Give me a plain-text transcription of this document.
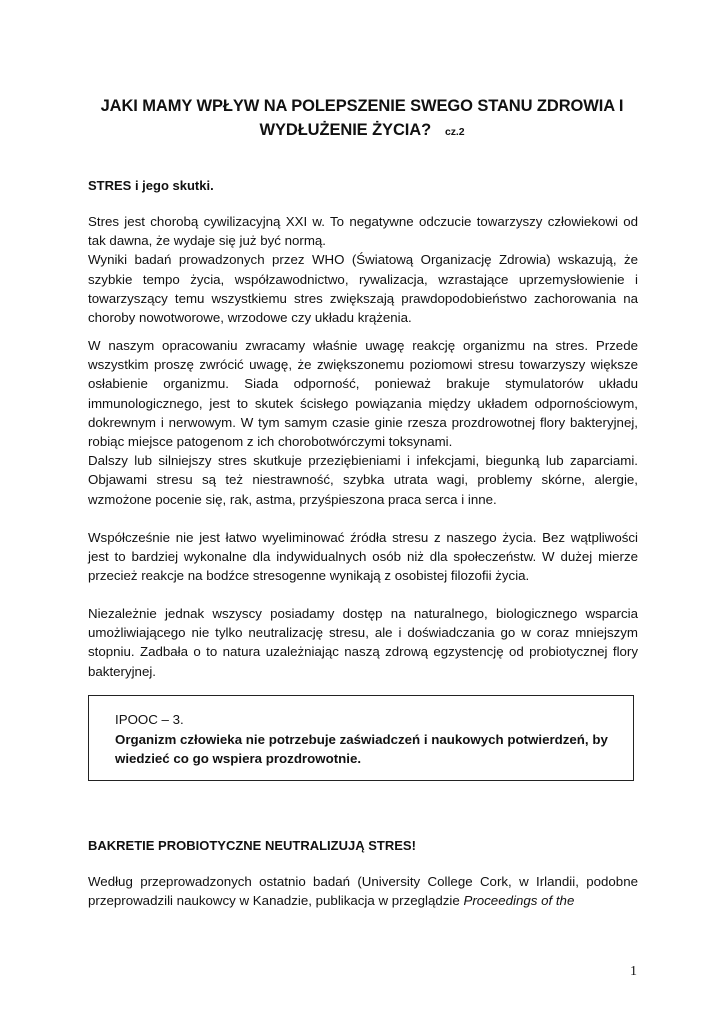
JAKI MAMY WPŁYW NA POLEPSZENIE SWEGO STANU ZDROWIA I
WYDŁUŻENIE ŻYCIA? cz.2
STRES i jego skutki.

Stres jest chorobą cywilizacyjną XXI w. To negatywne odczucie towarzyszy człowiekowi od tak dawna, że wydaje się już być normą.

Wyniki badań prowadzonych przez WHO (Światową Organizację Zdrowia) wskazują, że szybkie tempo życia, współzawodnictwo, rywalizacja, wzrastające uprzemysłowienie i towarzyszący temu wszystkiemu stres zwiększają prawdopodobieństwo zachorowania na choroby nowotworowe, wrzodowe czy układu krążenia.

W naszym opracowaniu zwracamy właśnie uwagę reakcję organizmu na stres. Przede wszystkim proszę zwrócić uwagę, że zwiększonemu poziomowi stresu towarzyszy większe osłabienie organizmu. Siada odporność, ponieważ brakuje stymulatorów układu immunologicznego, jest to skutek ścisłego powiązania między układem odpornościowym, dokrewnym i nerwowym. W tym samym czasie ginie rzesza prozdrowotnej flory bakteryjnej, robiąc miejsce patogenom z ich chorobotwórczymi toksynami.

Dalszy lub silniejszy stres skutkuje przeziębieniami i infekcjami, biegunką lub zaparciami. Objawami stresu są też niestrawność, szybka utrata wagi, problemy skórne, alergie, wzmożone pocenie się, rak, astma, przyśpieszona praca serca i inne.

Współcześnie nie jest łatwo wyeliminować źródła stresu z naszego życia. Bez wątpliwości jest to bardziej wykonalne dla indywidualnych osób niż dla społeczeństw. W dużej mierze przecież reakcje na bodźce stresogenne wynikają z osobistej filozofii życia.

Niezależnie jednak wszyscy posiadamy dostęp na naturalnego, biologicznego wsparcia umożliwiającego nie tylko neutralizację stresu, ale i doświadczania go w coraz mniejszym stopniu. Zadbała o to natura uzależniając naszą zdrową egzystencję od probiotycznej flory bakteryjnej.

IPOOC – 3.
Organizm człowieka nie potrzebuje zaświadczeń i naukowych potwierdzeń, by wiedzieć co go wspiera prozdrowotnie.
BAKRETIE PROBIOTYCZNE NEUTRALIZUJĄ STRES!

Według przeprowadzonych ostatnio badań (University College Cork, w Irlandii, podobne przeprowadzili naukowcy w Kanadzie, publikacja w przeglądzie Proceedings of the

1
